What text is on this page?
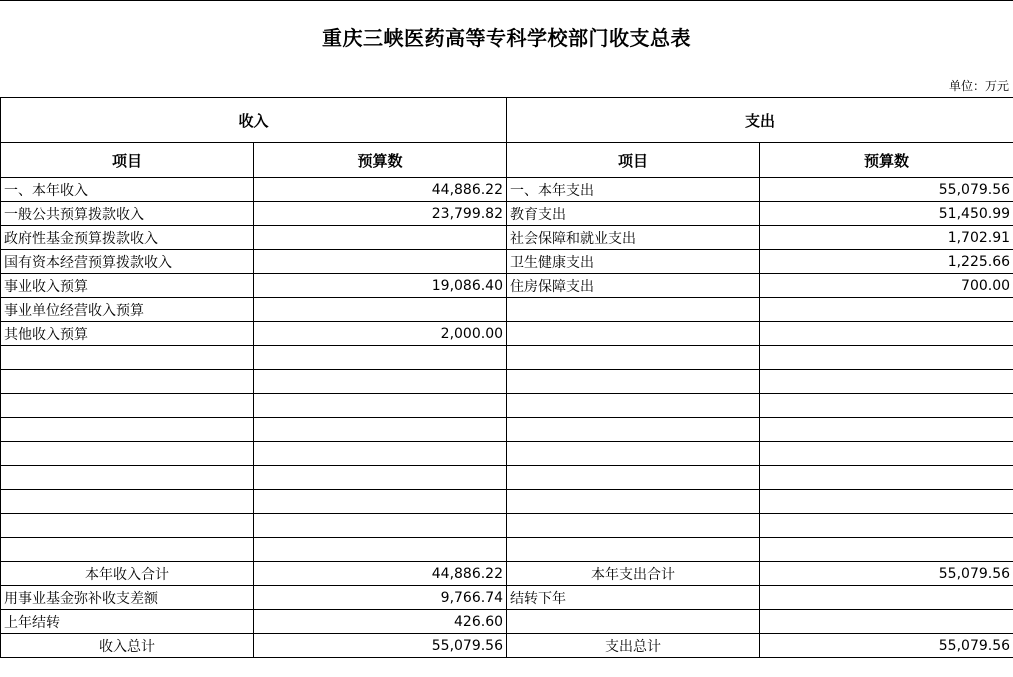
重庆三峡医药高等专科学校部门收支总表
单位：万元
收入		支出	
项目	预算数	项目	预算数
一、本年收入	44,886.22	一、本年支出	55,079.56
一般公共预算拨款收入	23,799.82	教育支出	51,450.99
政府性基金预算拨款收入		社会保障和就业支出	1,702.91
国有资本经营预算拨款收入		卫生健康支出	1,225.66
事业收入预算	19,086.40	住房保障支出	700.00
事业单位经营收入预算			
其他收入预算	2,000.00		

本年收入合计	44,886.22	本年支出合计	55,079.56
用事业基金弥补收支差额	9,766.74	结转下年	
上年结转	426.60		
收入总计	55,079.56	支出总计	55,079.56
